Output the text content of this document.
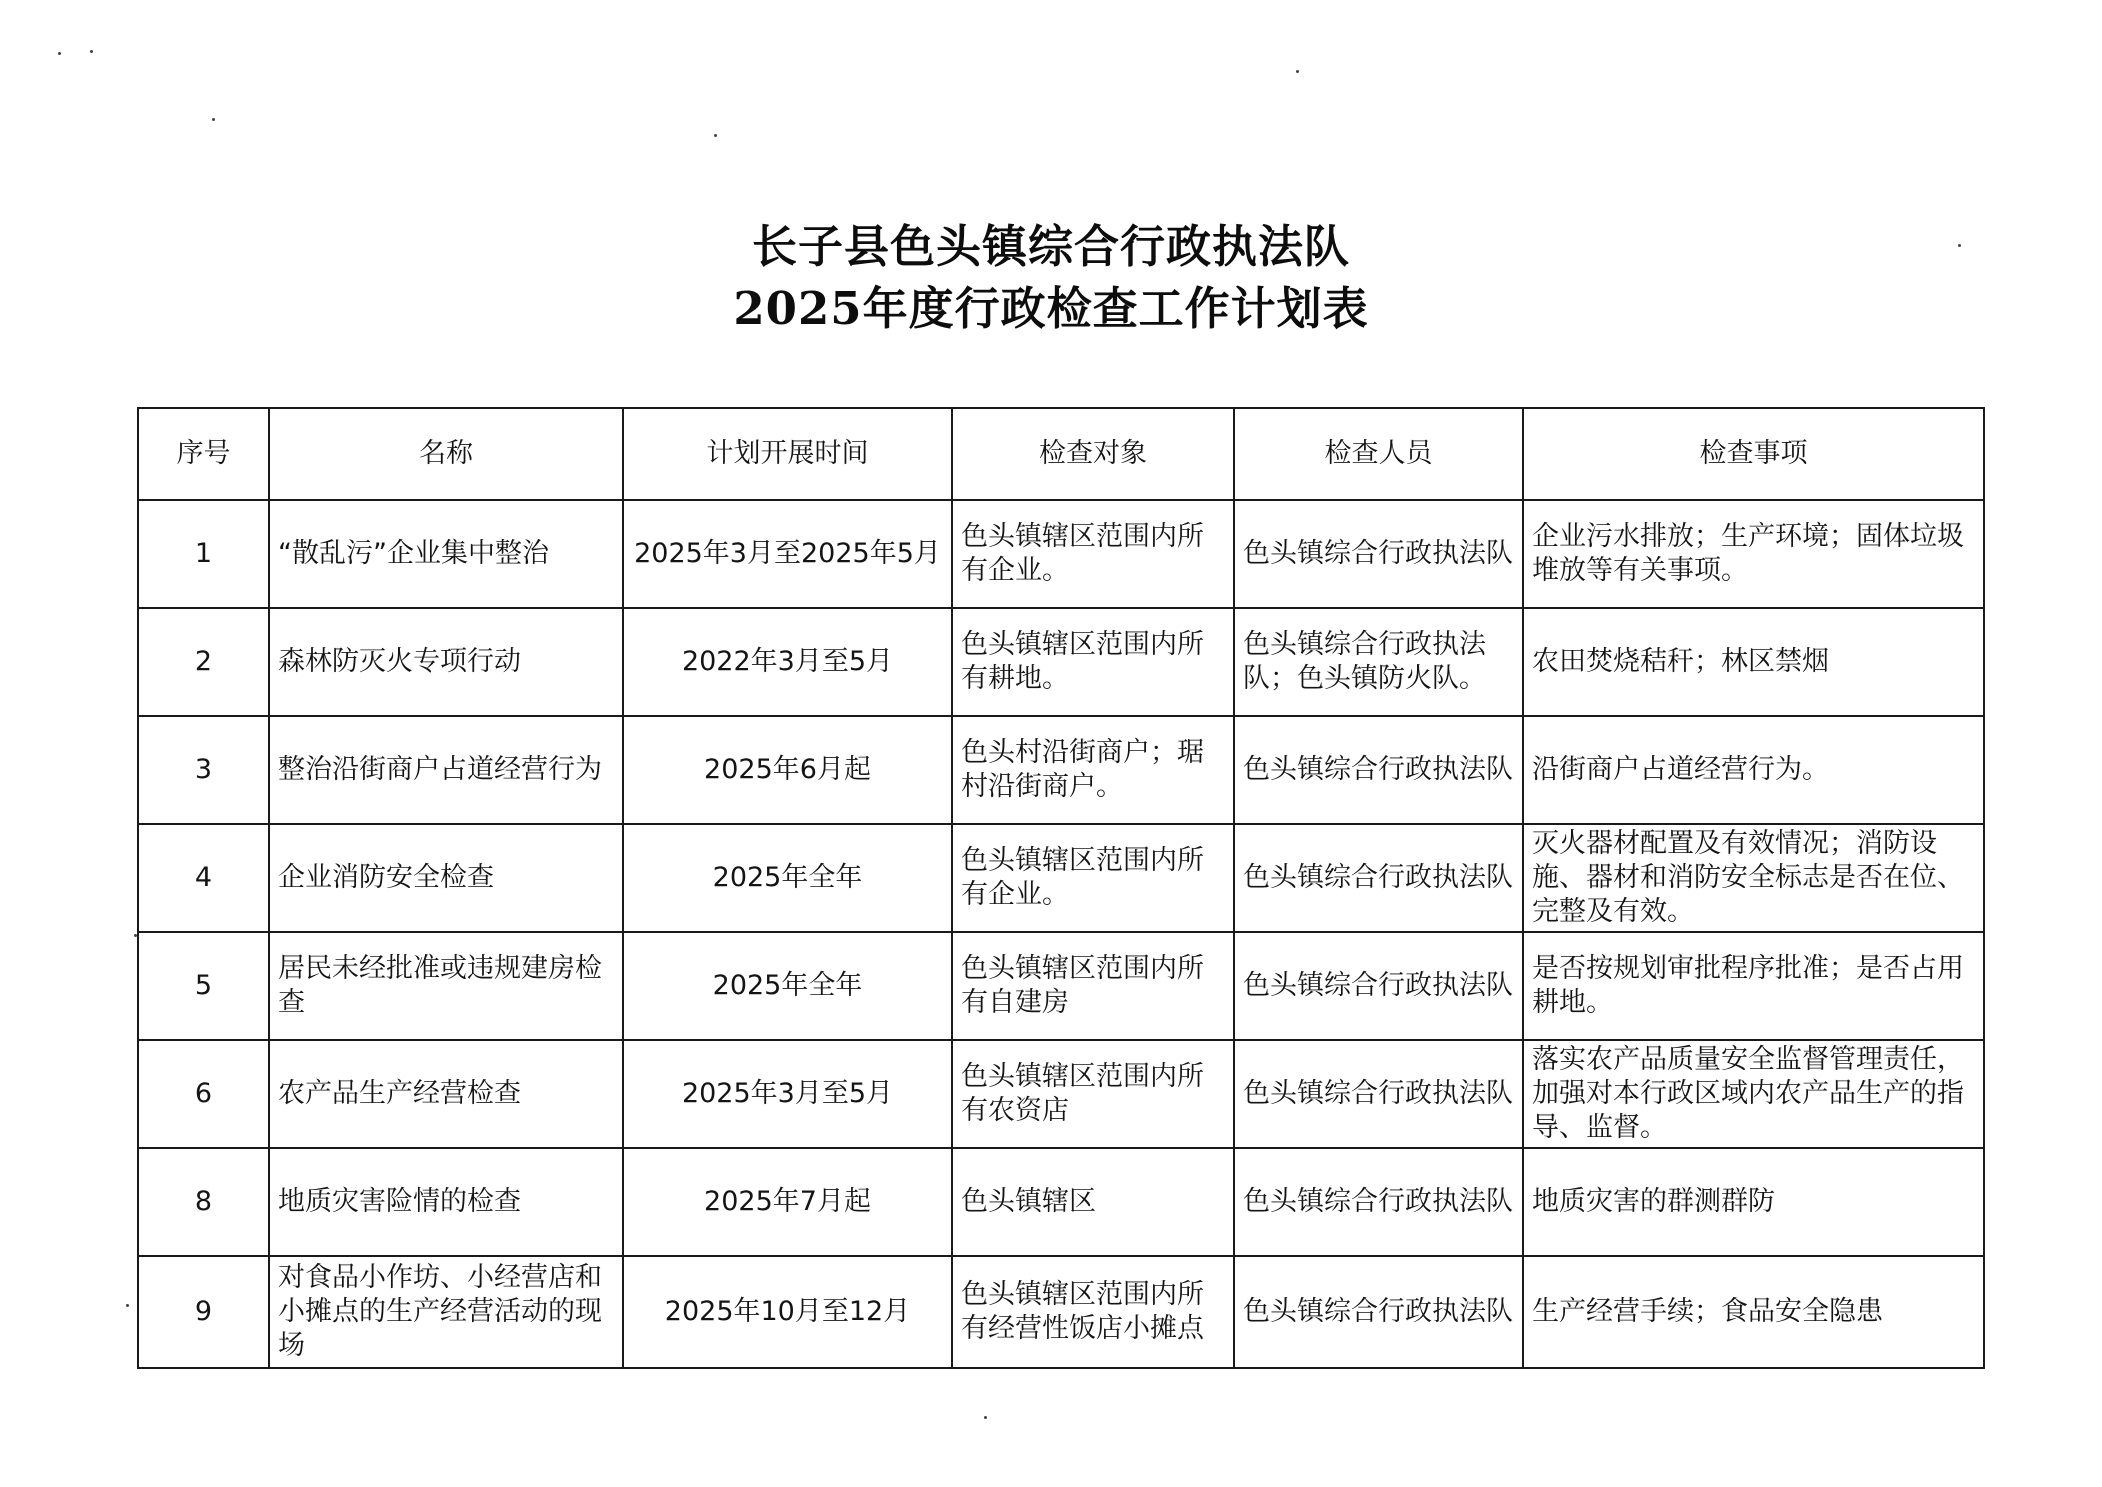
长子县色头镇综合行政执法队
2025年度行政检查工作计划表
序号	名称	计划开展时间	检查对象	检查人员	检查事项
1	“散乱污”企业集中整治	2025年3月至2025年5月	色头镇辖区范围内所有企业。	色头镇综合行政执法队	企业污水排放；生产环境；固体垃圾堆放等有关事项。
2	森林防灭火专项行动	2022年3月至5月	色头镇辖区范围内所有耕地。	色头镇综合行政执法队；色头镇防火队。	农田焚烧秸秆；林区禁烟
3	整治沿街商户占道经营行为	2025年6月起	色头村沿街商户；琚村沿街商户。	色头镇综合行政执法队	沿街商户占道经营行为。
4	企业消防安全检查	2025年全年	色头镇辖区范围内所有企业。	色头镇综合行政执法队	灭火器材配置及有效情况；消防设施、器材和消防安全标志是否在位、完整及有效。
5	居民未经批准或违规建房检查	2025年全年	色头镇辖区范围内所有自建房	色头镇综合行政执法队	是否按规划审批程序批准；是否占用耕地。
6	农产品生产经营检查	2025年3月至5月	色头镇辖区范围内所有农资店	色头镇综合行政执法队	落实农产品质量安全监督管理责任，加强对本行政区域内农产品生产的指导、监督。
8	地质灾害险情的检查	2025年7月起	色头镇辖区	色头镇综合行政执法队	地质灾害的群测群防
9	对食品小作坊、小经营店和小摊点的生产经营活动的现场	2025年10月至12月	色头镇辖区范围内所有经营性饭店小摊点	色头镇综合行政执法队	生产经营手续；食品安全隐患
